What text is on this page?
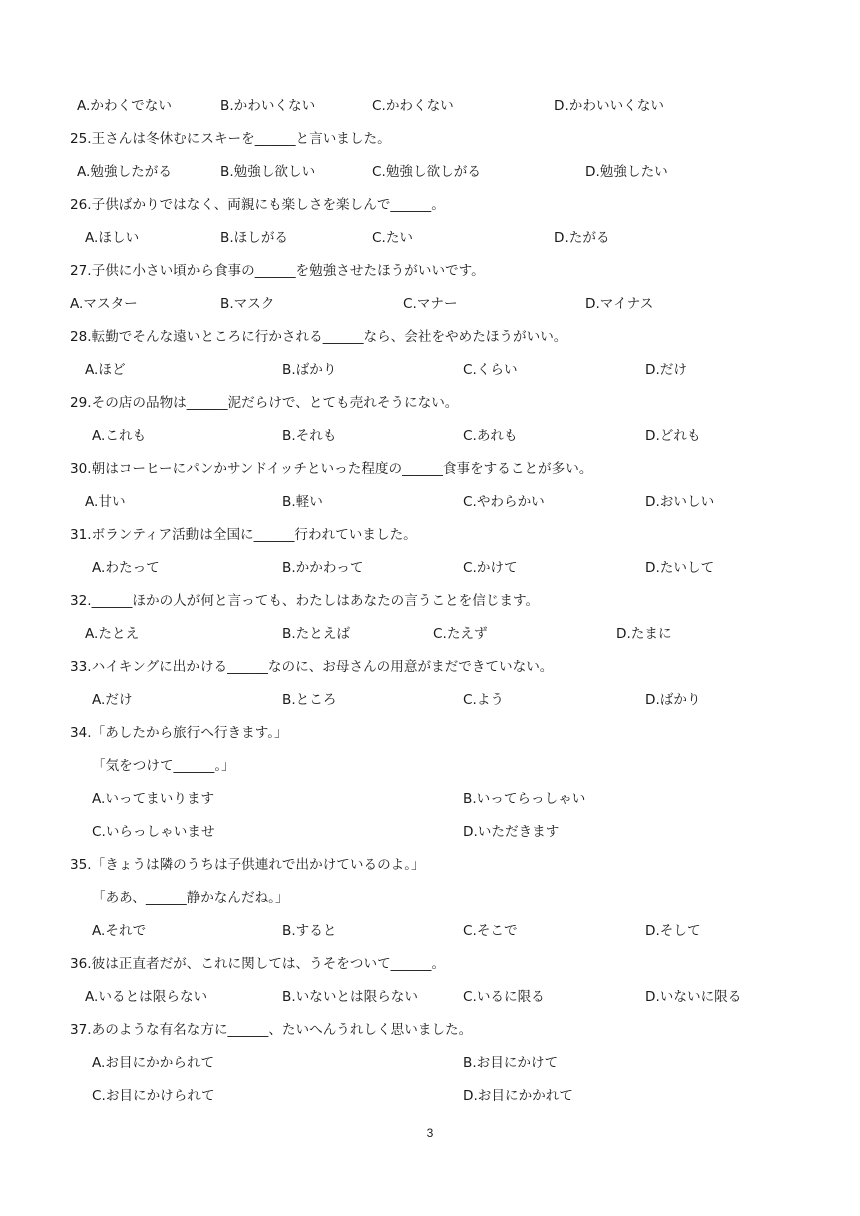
A.かわくでない	B.かわいくない	C.かわくない	D.かわいいくない
25.王さんは冬休むにスキーを______と言いました。
A.勉強したがる	B.勉強し欲しい	C.勉強し欲しがる	D.勉強したい
26.子供ばかりではなく、両親にも楽しさを楽しんで______。
A.ほしい	B.ほしがる	C.たい	D.たがる
27.子供に小さい頃から食事の______を勉強させたほうがいいです。
A.マスター	B.マスク	C.マナー	D.マイナス
28.転勤でそんな遠いところに行かされる______なら、会社をやめたほうがいい。
A.ほど	B.ばかり	C.くらい	D.だけ
29.その店の品物は______泥だらけで、とても売れそうにない。
A.これも	B.それも	C.あれも	D.どれも
30.朝はコーヒーにパンかサンドイッチといった程度の______食事をすることが多い。
A.甘い	B.軽い	C.やわらかい	D.おいしい
31.ボランティア活動は全国に______行われていました。
A.わたって	B.かかわって	C.かけて	D.たいして
32.______ほかの人が何と言っても、わたしはあなたの言うことを信じます。
A.たとえ	B.たとえば	C.たえず	D.たまに
33.ハイキングに出かける______なのに、お母さんの用意がまだできていない。
A.だけ	B.ところ	C.よう	D.ばかり
34.「あしたから旅行へ行きます。」
「気をつけて______。」
A.いってまいります	B.いってらっしゃい
C.いらっしゃいませ	D.いただきます
35.「きょうは隣のうちは子供連れで出かけているのよ。」
「ああ、______静かなんだね。」
A.それで	B.すると	C.そこで	D.そして
36.彼は正直者だが、これに関しては、うそをついて______。
A.いるとは限らない	B.いないとは限らない	C.いるに限る	D.いないに限る
37.あのような有名な方に______、たいへんうれしく思いました。
A.お目にかかられて	B.お目にかけて
C.お目にかけられて	D.お目にかかれて
3
